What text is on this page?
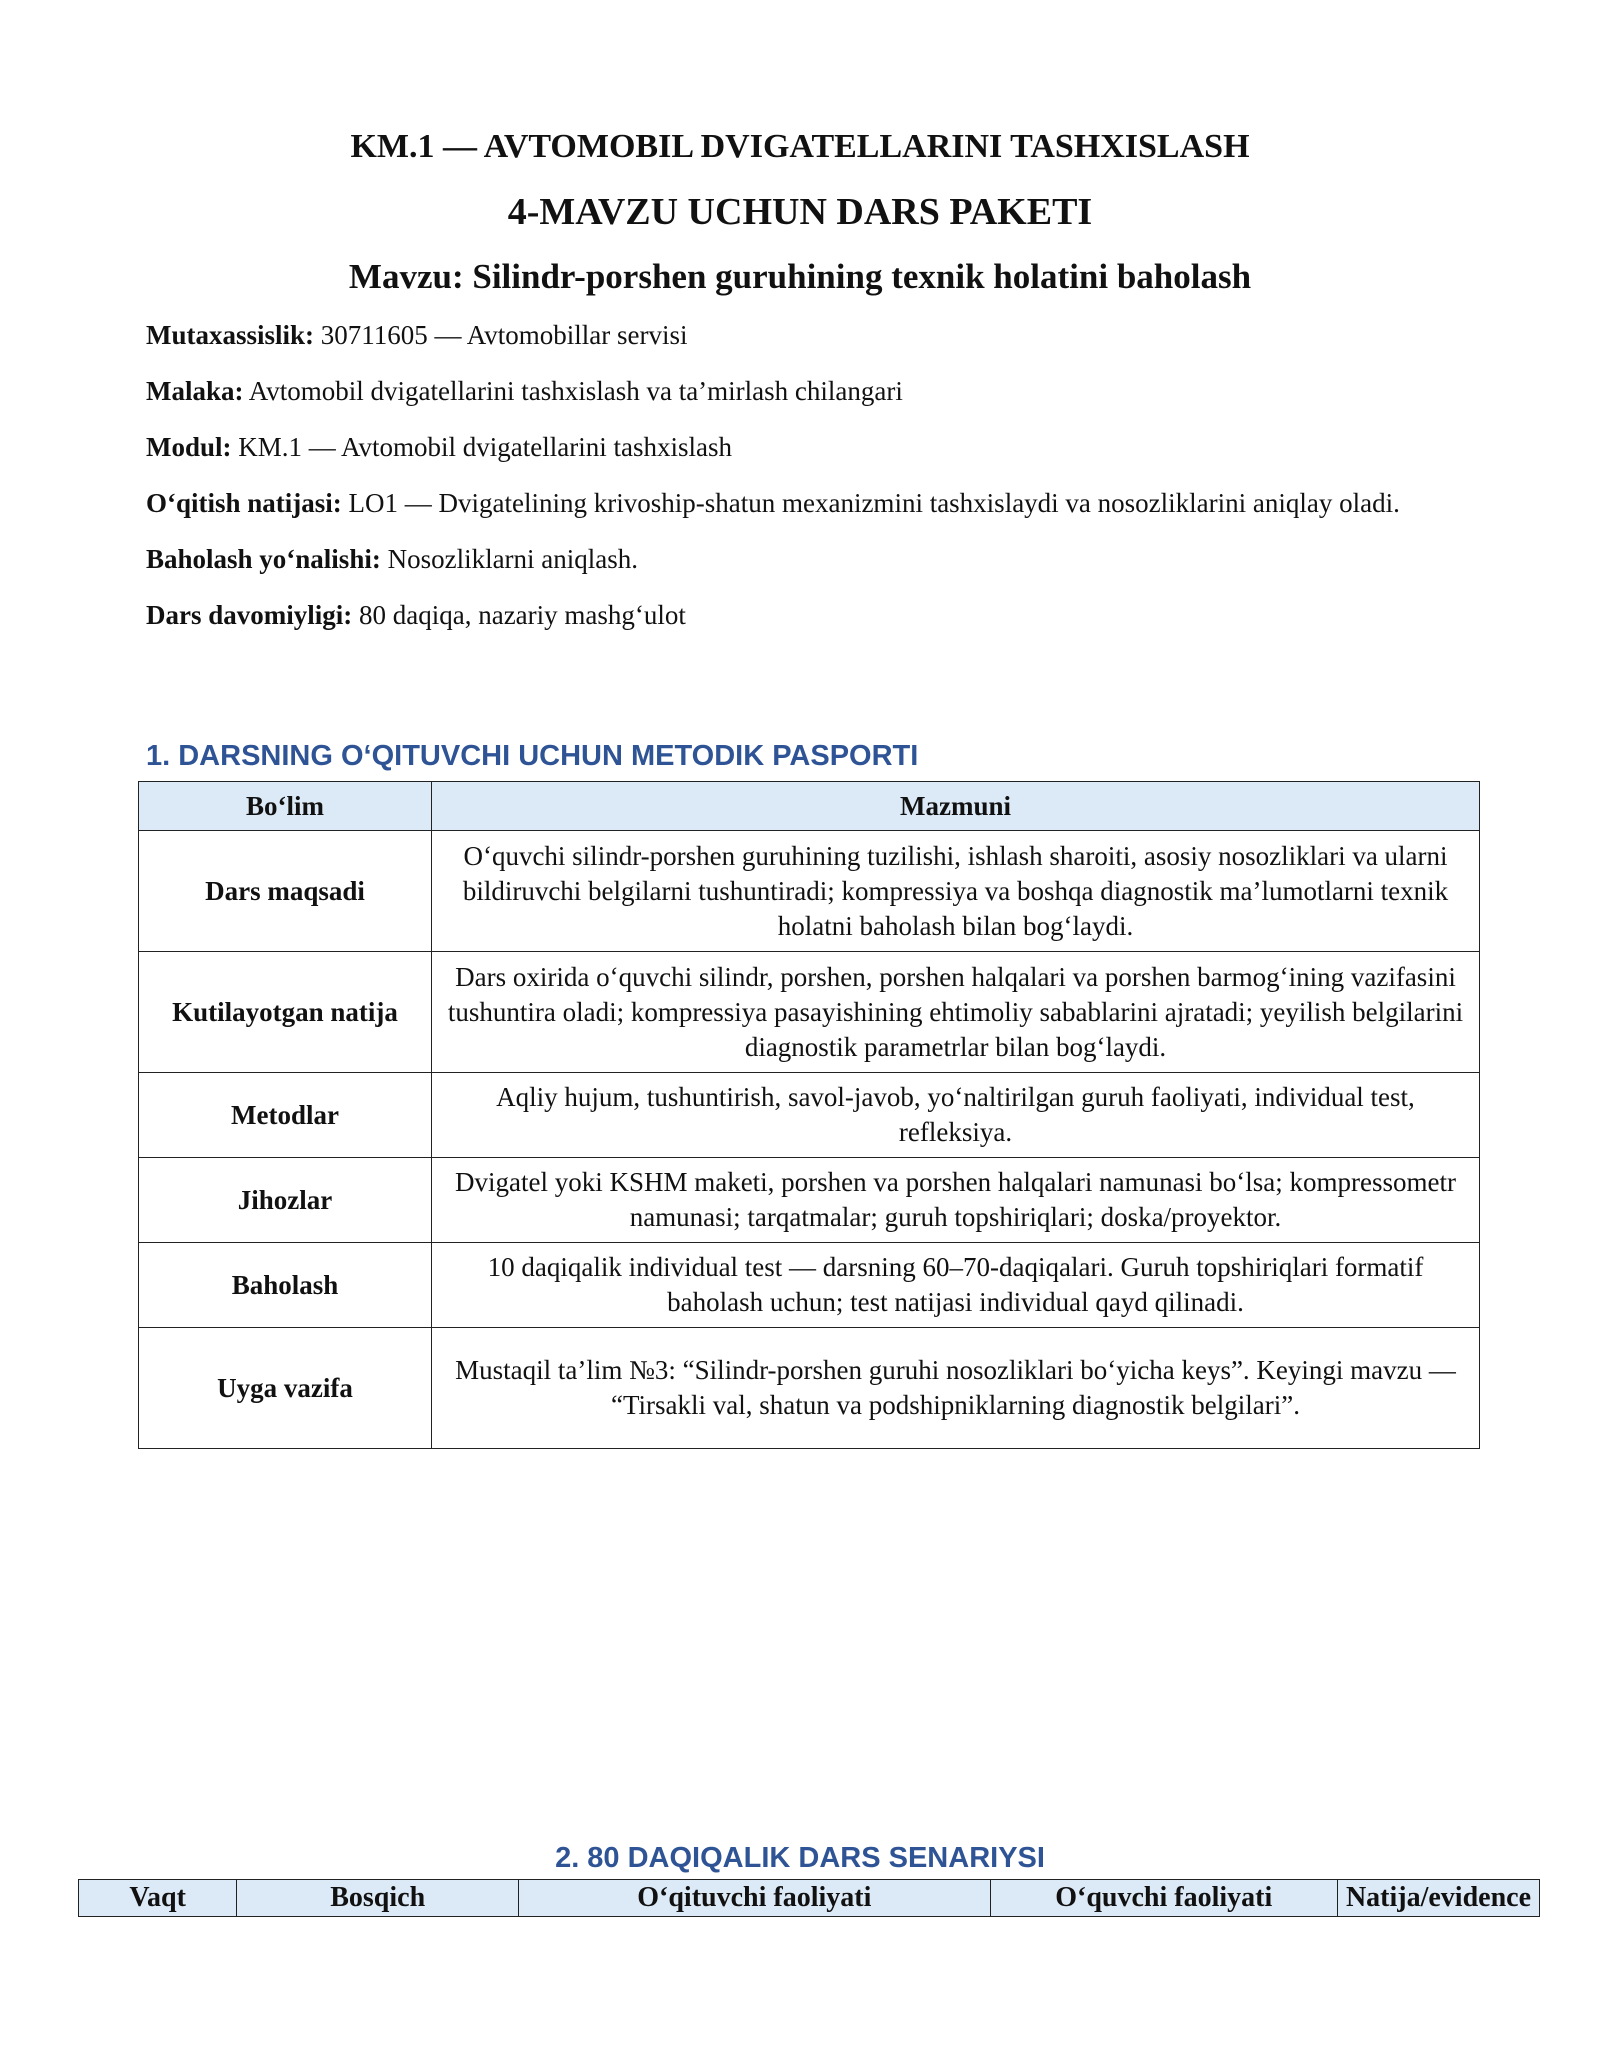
KM.1 — AVTOMOBIL DVIGATELLARINI TASHXISLASH
4-MAVZU UCHUN DARS PAKETI
Mavzu: Silindr-porshen guruhining texnik holatini baholash

Mutaxassislik: 30711605 — Avtomobillar servisi

Malaka: Avtomobil dvigatellarini tashxislash va ta’mirlash chilangari

Modul: KM.1 — Avtomobil dvigatellarini tashxislash

O‘qitish natijasi: LO1 — Dvigatelining krivoship-shatun mexanizmini tashxislaydi va nosozliklarini aniqlay oladi.

Baholash yo‘nalishi: Nosozliklarni aniqlash.

Dars davomiyligi: 80 daqiqa, nazariy mashg‘ulot

1. DARSNING O‘QITUVCHI UCHUN METODIK PASPORTI
Bo‘lim	Mazmuni
Dars maqsadi	O‘quvchi silindr-porshen guruhining tuzilishi, ishlash sharoiti, asosiy nosozliklari va ularni bildiruvchi belgilarni tushuntiradi; kompressiya va boshqa diagnostik ma’lumotlarni texnik holatni baholash bilan bog‘laydi.
Kutilayotgan natija	Dars oxirida o‘quvchi silindr, porshen, porshen halqalari va porshen barmog‘ining vazifasini tushuntira oladi; kompressiya pasayishining ehtimoliy sabablarini ajratadi; yeyilish belgilarini diagnostik parametrlar bilan bog‘laydi.
Metodlar	Aqliy hujum, tushuntirish, savol-javob, yo‘naltirilgan guruh faoliyati, individual test, refleksiya.
Jihozlar	Dvigatel yoki KSHM maketi, porshen va porshen halqalari namunasi bo‘lsa; kompressometr namunasi; tarqatmalar; guruh topshiriqlari; doska/proyektor.
Baholash	10 daqiqalik individual test — darsning 60–70-daqiqalari. Guruh topshiriqlari formatif baholash uchun; test natijasi individual qayd qilinadi.
Uyga vazifa	Mustaqil ta’lim №3: “Silindr-porshen guruhi nosozliklari bo‘yicha keys”. Keyingi mavzu — “Tirsakli val, shatun va podshipniklarning diagnostik belgilari”.
2. 80 DAQIQALIK DARS SENARIYSI
Vaqt	Bosqich	O‘qituvchi faoliyati	O‘quvchi faoliyati	Natija/evidence
